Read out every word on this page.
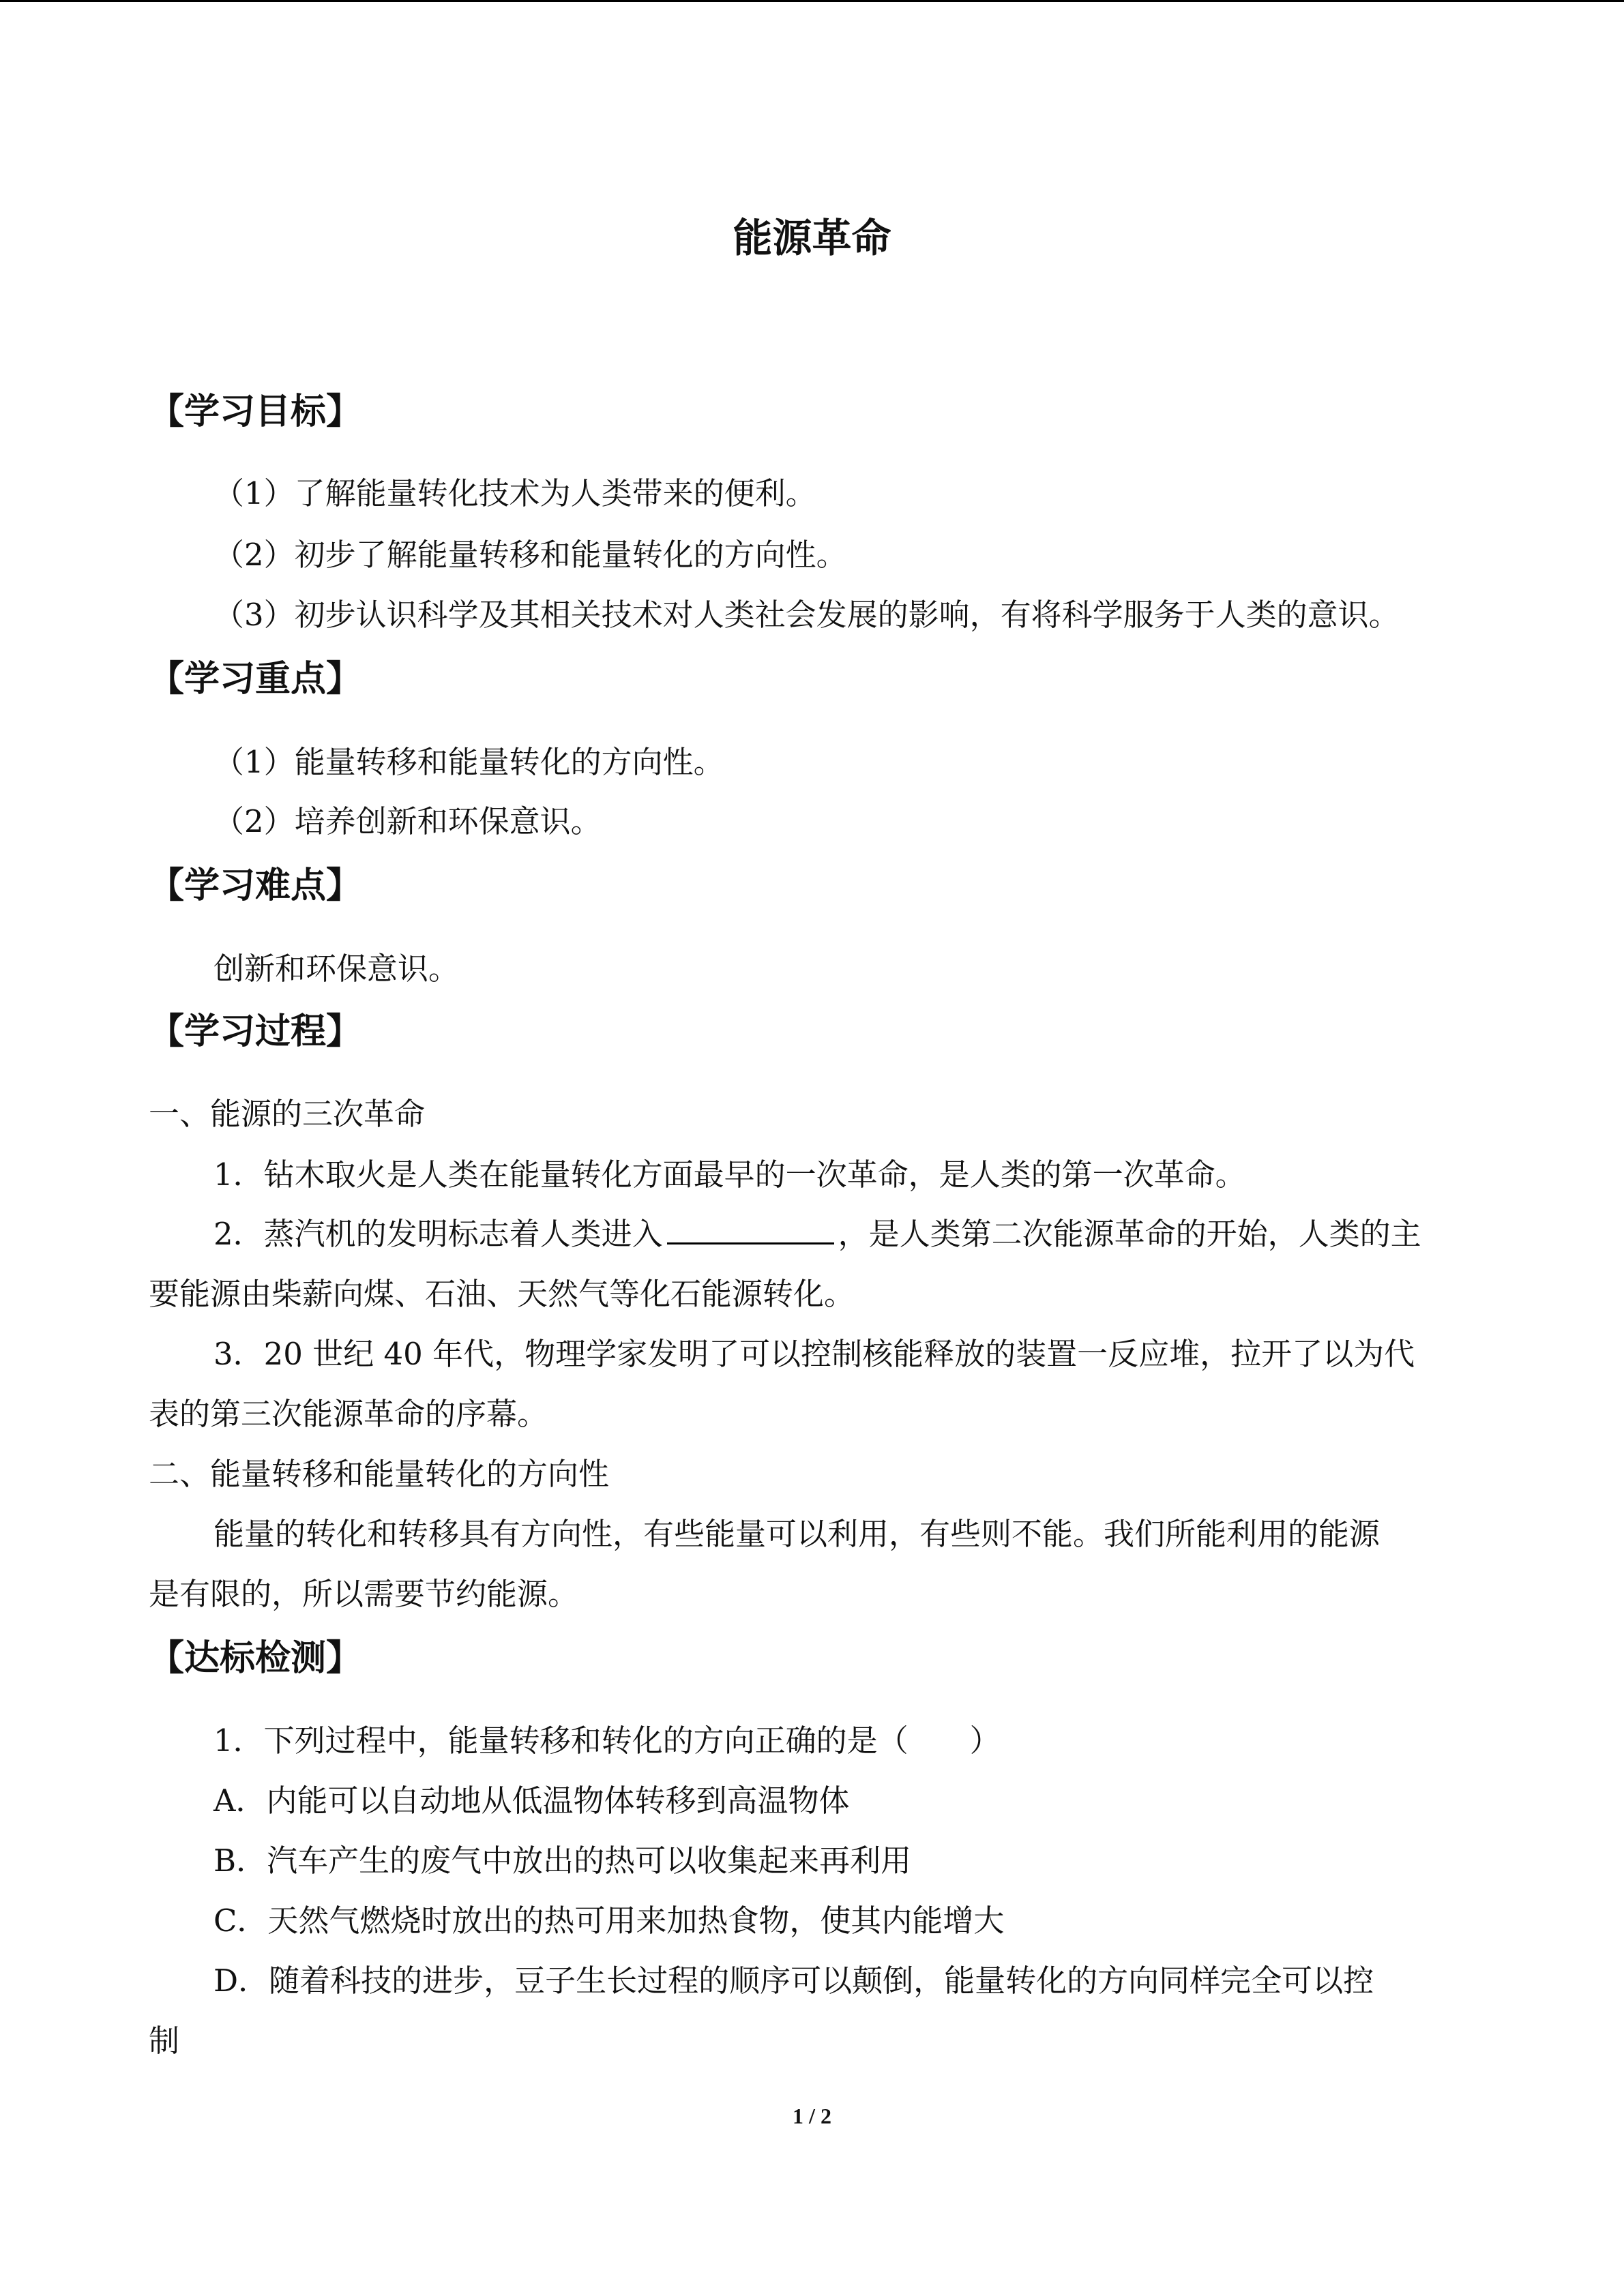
能源革命
【学习目标】
（1）了解能量转化技术为人类带来的便利。
（2）初步了解能量转移和能量转化的方向性。
（3）初步认识科学及其相关技术对人类社会发展的影响，有将科学服务于人类的意识。
【学习重点】
（1）能量转移和能量转化的方向性。
（2）培养创新和环保意识。
【学习难点】
创新和环保意识。
【学习过程】
一、能源的三次革命
1．钻木取火是人类在能量转化方面最早的一次革命，是人类的第一次革命。
2．蒸汽机的发明标志着人类进入	，是人类第二次能源革命的开始，人类的主
要能源由柴薪向煤、石油、天然气等化石能源转化。
3．20 世纪 40 年代，物理学家发明了可以控制核能释放的装置一反应堆，拉开了以为代
表的第三次能源革命的序幕。
二、能量转移和能量转化的方向性
能量的转化和转移具有方向性，有些能量可以利用，有些则不能。我们所能利用的能源
是有限的，所以需要节约能源。
【达标检测】
1．下列过程中，能量转移和转化的方向正确的是（　　）
A．内能可以自动地从低温物体转移到高温物体
B．汽车产生的废气中放出的热可以收集起来再利用
C．天然气燃烧时放出的热可用来加热食物，使其内能增大
D．随着科技的进步，豆子生长过程的顺序可以颠倒，能量转化的方向同样完全可以控
制
1 / 2
